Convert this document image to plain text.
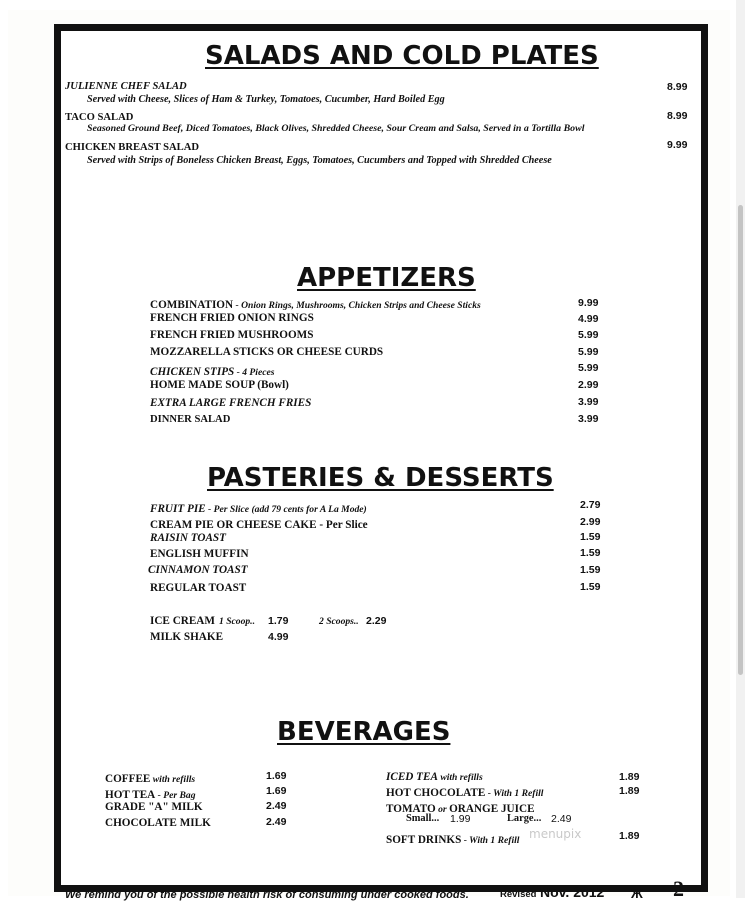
SALADS AND COLD PLATES
JULIENNE CHEF SALAD	8.99
Served with Cheese, Slices of Ham & Turkey, Tomatoes, Cucumber, Hard Boiled Egg
TACO SALAD	8.99
Seasoned Ground Beef, Diced Tomatoes, Black Olives, Shredded Cheese, Sour Cream and Salsa, Served in a Tortilla Bowl
CHICKEN BREAST SALAD	9.99
Served with Strips of Boneless Chicken Breast, Eggs, Tomatoes, Cucumbers and Topped with Shredded Cheese
APPETIZERS
COMBINATION - Onion Rings, Mushrooms, Chicken Strips and Cheese Sticks	9.99
FRENCH FRIED ONION RINGS	4.99
FRENCH FRIED MUSHROOMS	5.99
MOZZARELLA STICKS OR CHEESE CURDS	5.99
CHICKEN STIPS - 4 Pieces	5.99
HOME MADE SOUP (Bowl)	2.99
EXTRA LARGE FRENCH FRIES	3.99
DINNER SALAD	3.99
PASTERIES & DESSERTS
FRUIT PIE - Per Slice (add 79 cents for A La Mode)	2.79
CREAM PIE OR CHEESE CAKE - Per Slice	2.99
RAISIN TOAST	1.59
ENGLISH MUFFIN	1.59
CINNAMON TOAST	1.59
REGULAR TOAST	1.59
ICE CREAM 1 Scoop.. 1.79	2 Scoops.. 2.29
MILK SHAKE	4.99
BEVERAGES
COFFEE with refills	1.69
HOT TEA - Per Bag	1.69
GRADE "A" MILK	2.49
CHOCOLATE MILK	2.49
ICED TEA with refills	1.89
HOT CHOCOLATE - With 1 Refill	1.89
TOMATO or ORANGE JUICE
Small... 1.99	Large... 2.49
SOFT DRINKS - With 1 Refill	1.89
menupix
We remind you of the possible health risk of consuming under cooked foods.	Revised Nov. 2012 Ж 2
